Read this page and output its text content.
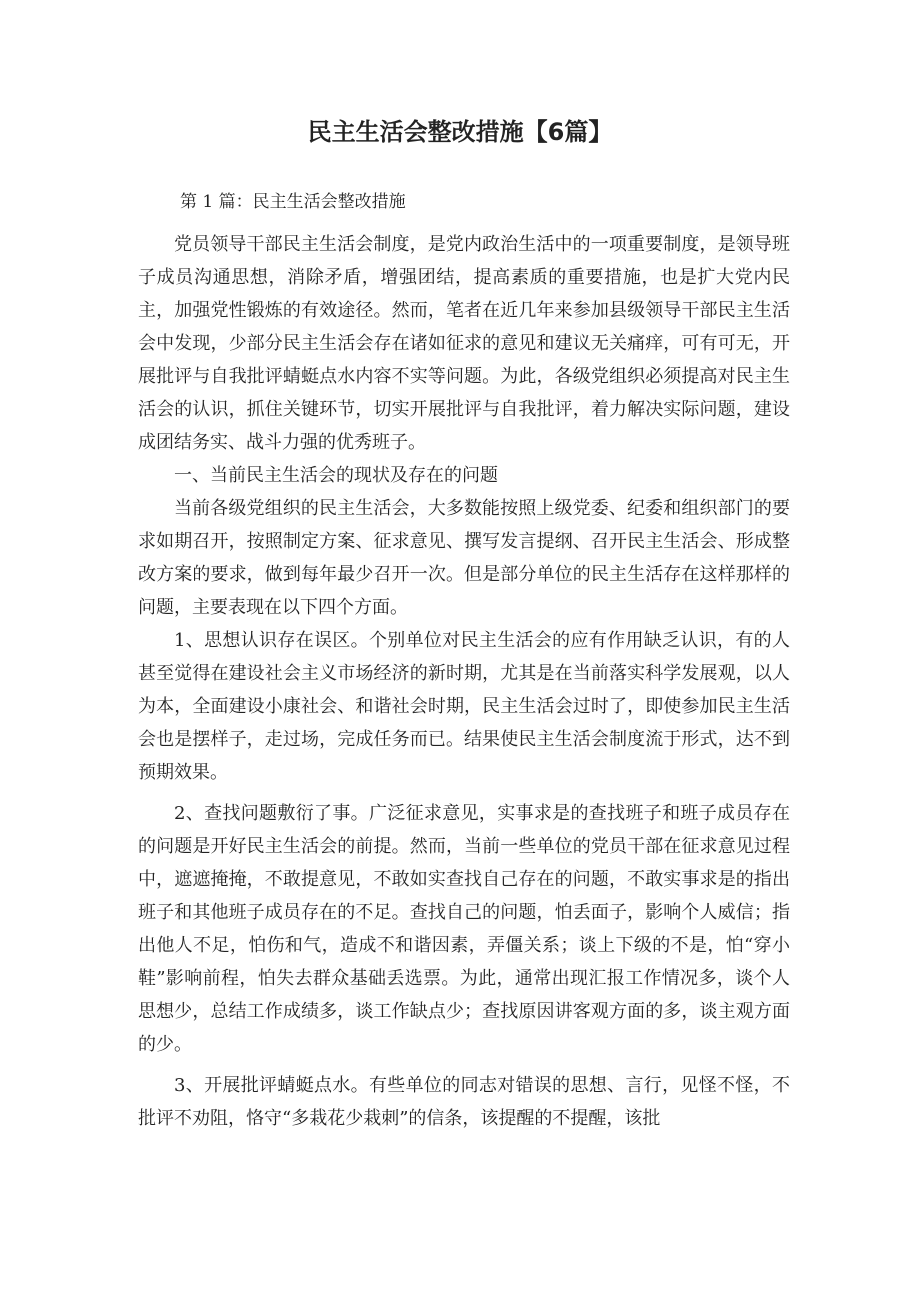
民主生活会整改措施【6篇】
第 1 篇：民主生活会整改措施

党员领导干部民主生活会制度，是党内政治生活中的一项重要制度，是领导班子成员沟通思想，消除矛盾，增强团结，提高素质的重要措施，也是扩大党内民主，加强党性锻炼的有效途径。然而，笔者在近几年来参加县级领导干部民主生活会中发现，少部分民主生活会存在诸如征求的意见和建议无关痛痒，可有可无，开展批评与自我批评蜻蜓点水内容不实等问题。为此，各级党组织必须提高对民主生活会的认识，抓住关键环节，切实开展批评与自我批评，着力解决实际问题，建设成团结务实、战斗力强的优秀班子。

一、当前民主生活会的现状及存在的问题

当前各级党组织的民主生活会，大多数能按照上级党委、纪委和组织部门的要求如期召开，按照制定方案、征求意见、撰写发言提纲、召开民主生活会、形成整改方案的要求，做到每年最少召开一次。但是部分单位的民主生活存在这样那样的问题，主要表现在以下四个方面。

1、思想认识存在误区。个别单位对民主生活会的应有作用缺乏认识，有的人甚至觉得在建设社会主义市场经济的新时期，尤其是在当前落实科学发展观，以人为本，全面建设小康社会、和谐社会时期，民主生活会过时了，即使参加民主生活会也是摆样子，走过场，完成任务而已。结果使民主生活会制度流于形式，达不到预期效果。

2、查找问题敷衍了事。广泛征求意见，实事求是的查找班子和班子成员存在的问题是开好民主生活会的前提。然而，当前一些单位的党员干部在征求意见过程中，遮遮掩掩，不敢提意见，不敢如实查找自己存在的问题，不敢实事求是的指出班子和其他班子成员存在的不足。查找自己的问题，怕丢面子，影响个人威信；指出他人不足，怕伤和气，造成不和谐因素，弄僵关系；谈上下级的不是，怕“穿小鞋”影响前程，怕失去群众基础丢选票。为此，通常出现汇报工作情况多，谈个人思想少，总结工作成绩多，谈工作缺点少；查找原因讲客观方面的多，谈主观方面的少。

3、开展批评蜻蜓点水。有些单位的同志对错误的思想、言行，见怪不怪，不批评不劝阻，恪守“多栽花少栽刺”的信条，该提醒的不提醒，该批
